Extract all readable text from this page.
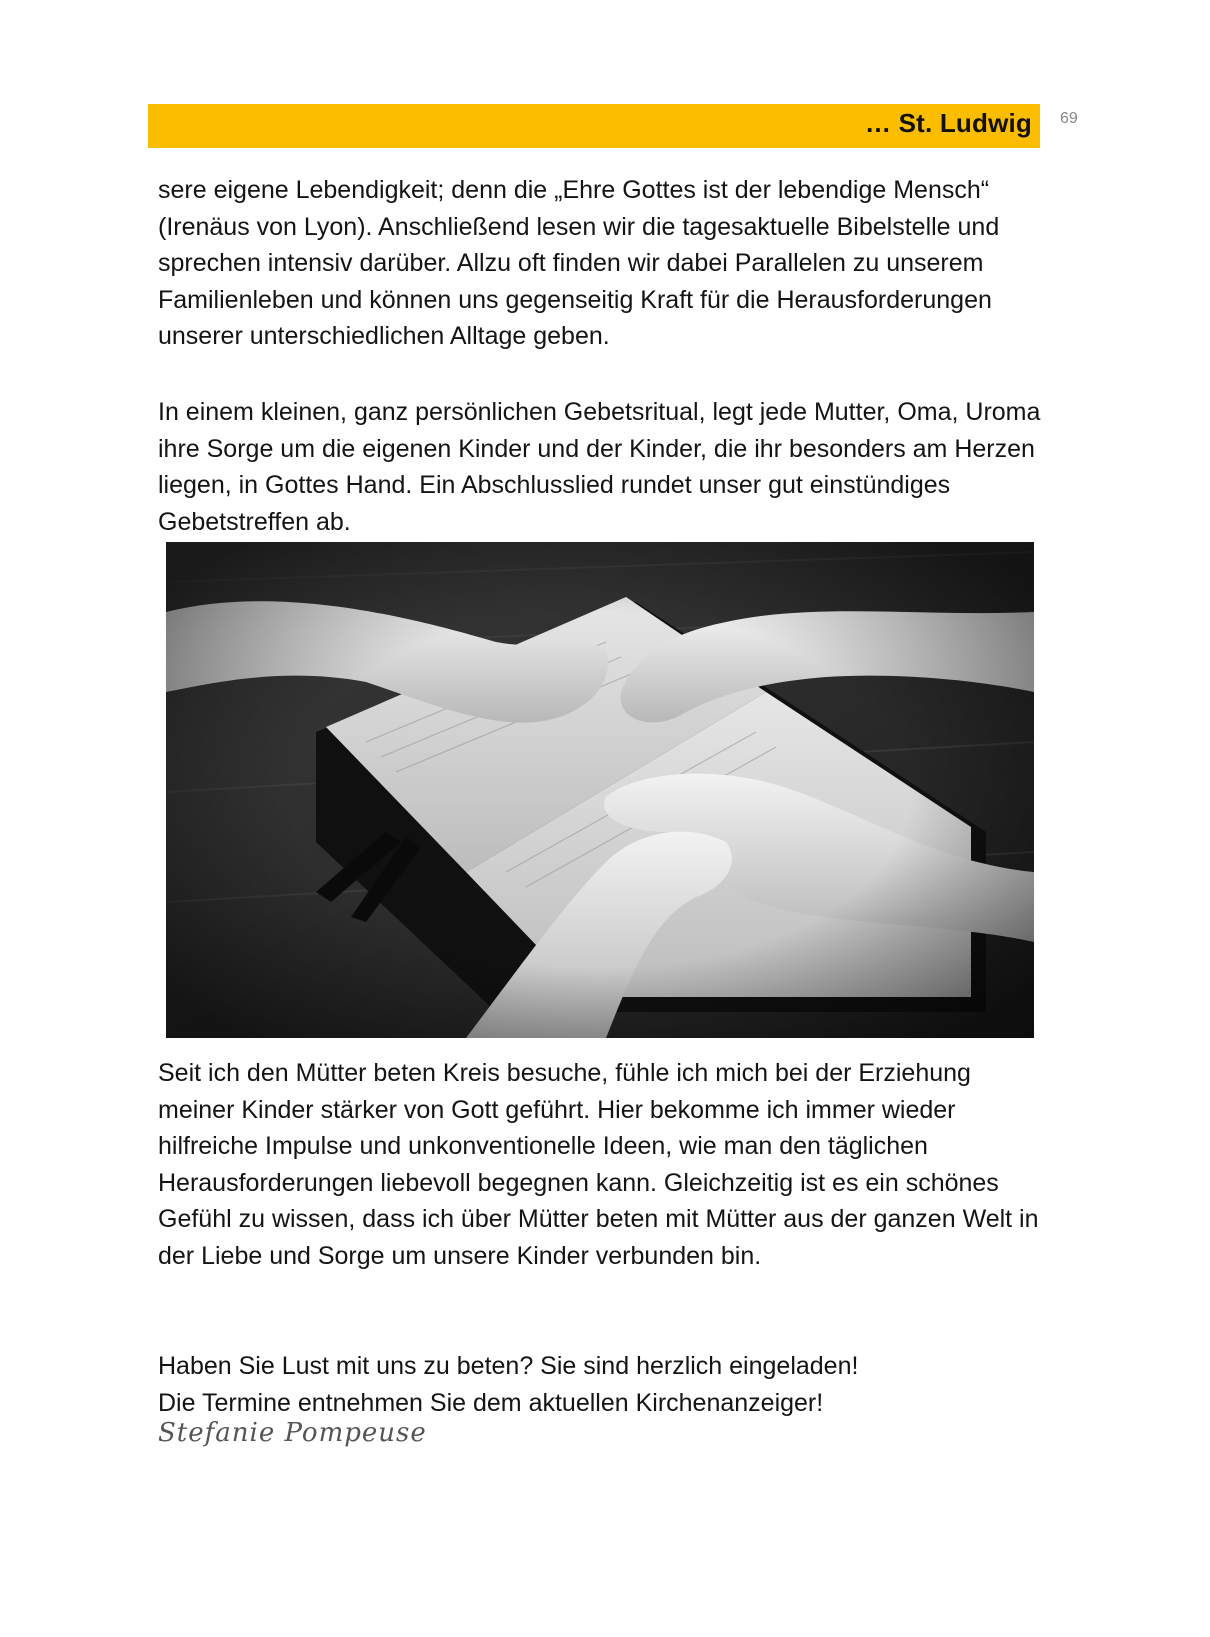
… St. Ludwig 69

sere eigene Lebendigkeit; denn die „Ehre Gottes ist der lebendige Mensch“ (Irenäus von Lyon). Anschließend lesen wir die tagesaktuelle Bibelstelle und sprechen intensiv darüber. Allzu oft finden wir dabei Parallelen zu unserem Familienleben und können uns gegenseitig Kraft für die Herausforderungen unserer unterschiedlichen Alltage geben.

In einem kleinen, ganz persönlichen Gebetsritual, legt jede Mutter, Oma, Uroma ihre Sorge um die eigenen Kinder und der Kinder, die ihr besonders am Herzen liegen, in Gottes Hand. Ein Abschlusslied rundet unser gut einstündiges Gebetstreffen ab.

Seit ich den Mütter beten Kreis besuche, fühle ich mich bei der Erziehung meiner Kinder stärker von Gott geführt. Hier bekomme ich immer wieder hilfreiche Impulse und unkonventionelle Ideen, wie man den täglichen Herausforderungen liebevoll begegnen kann. Gleichzeitig ist es ein schönes Gefühl zu wissen, dass ich über Mütter beten mit Mütter aus der ganzen Welt in der Liebe und Sorge um unsere Kinder verbunden bin.

Haben Sie Lust mit uns zu beten? Sie sind herzlich eingeladen!

Die Termine entnehmen Sie dem aktuellen Kirchenanzeiger!

Stefanie Pompeuse
